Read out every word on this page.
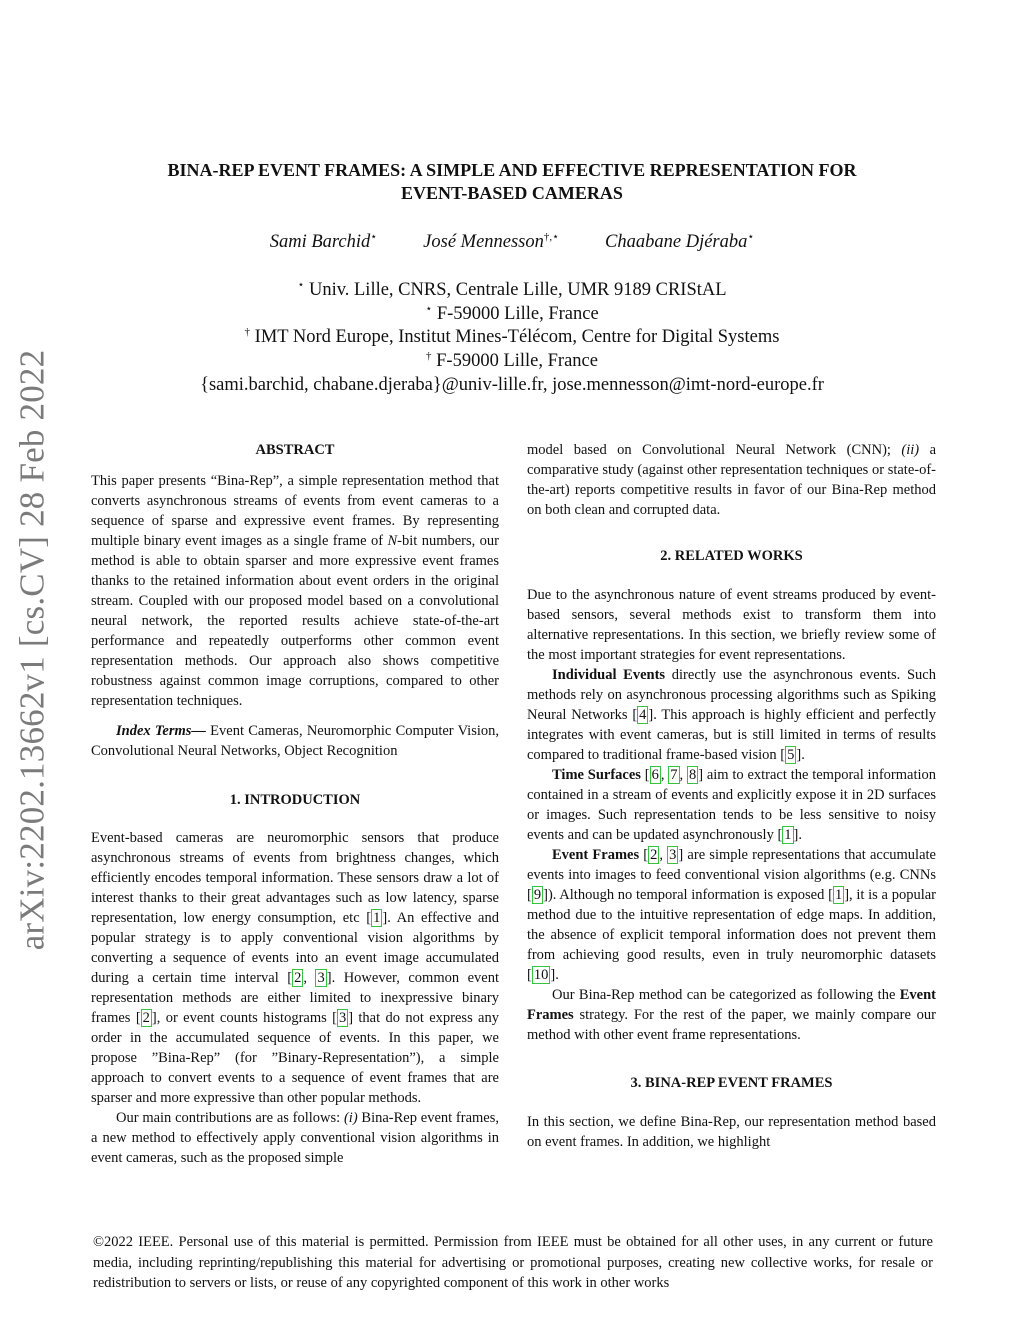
arXiv:2202.13662v1 [cs.CV] 28 Feb 2022
BINA-REP EVENT FRAMES: A SIMPLE AND EFFECTIVE REPRESENTATION FOR
EVENT-BASED CAMERAS
Sami Barchid⋆ José Mennesson†,⋆ Chaabane Djéraba⋆
⋆ Univ. Lille, CNRS, Centrale Lille, UMR 9189 CRIStAL
⋆ F-59000 Lille, France
† IMT Nord Europe, Institut Mines-Télécom, Centre for Digital Systems
† F-59000 Lille, France
{sami.barchid, chabane.djeraba}@univ-lille.fr, jose.mennesson@imt-nord-europe.fr

ABSTRACT

This paper presents “Bina-Rep”, a simple representation method that converts asynchronous streams of events from event cameras to a sequence of sparse and expressive event frames. By representing multiple binary event images as a single frame of N-bit numbers, our method is able to obtain sparser and more expressive event frames thanks to the retained information about event orders in the original stream. Coupled with our proposed model based on a convolutional neural network, the reported results achieve state-of-the-art performance and repeatedly outperforms other common event representation methods. Our approach also shows competitive robustness against common image corruptions, compared to other representation techniques.

Index Terms— Event Cameras, Neuromorphic Computer Vision, Convolutional Neural Networks, Object Recognition

1. INTRODUCTION

Event-based cameras are neuromorphic sensors that produce asynchronous streams of events from brightness changes, which efficiently encodes temporal information. These sensors draw a lot of interest thanks to their great advantages such as low latency, sparse representation, low energy consumption, etc [ 1 ]. An effective and popular strategy is to apply conventional vision algorithms by converting a sequence of events into an event image accumulated during a certain time interval [ 2 , 3 ]. However, common event representation methods are either limited to inexpressive binary frames [ 2 ], or event counts histograms [ 3 ] that do not express any order in the accumulated sequence of events. In this paper, we propose ”Bina-Rep” (for ”Binary-Representation”), a simple approach to convert events to a sequence of event frames that are sparser and more expressive than other popular methods.

Our main contributions are as follows: (i) Bina-Rep event frames, a new method to effectively apply conventional vision algorithms in event cameras, such as the proposed simple

model based on Convolutional Neural Network (CNN); (ii) a comparative study (against other representation techniques or state-of-the-art) reports competitive results in favor of our Bina-Rep method on both clean and corrupted data.

2. RELATED WORKS

Due to the asynchronous nature of event streams produced by event-based sensors, several methods exist to transform them into alternative representations. In this section, we briefly review some of the most important strategies for event representations.

Individual Events directly use the asynchronous events. Such methods rely on asynchronous processing algorithms such as Spiking Neural Networks [ 4 ]. This approach is highly efficient and perfectly integrates with event cameras, but is still limited in terms of results compared to traditional frame-based vision [ 5 ].

Time Surfaces [ 6 , 7 , 8 ] aim to extract the temporal information contained in a stream of events and explicitly expose it in 2D surfaces or images. Such representation tends to be less sensitive to noisy events and can be updated asynchronously [ 1 ].

Event Frames [ 2 , 3 ] are simple representations that accumulate events into images to feed conventional vision algorithms (e.g. CNNs [ 9 ]). Although no temporal information is exposed [ 1 ], it is a popular method due to the intuitive representation of edge maps. In addition, the absence of explicit temporal information does not prevent them from achieving good results, even in truly neuromorphic datasets [ 10 ].

Our Bina-Rep method can be categorized as following the Event Frames strategy. For the rest of the paper, we mainly compare our method with other event frame representations.

3. BINA-REP EVENT FRAMES

In this section, we define Bina-Rep, our representation method based on event frames. In addition, we highlight

©2022 IEEE. Personal use of this material is permitted. Permission from IEEE must be obtained for all other uses, in any current or future media, including reprinting/republishing this material for advertising or promotional purposes, creating new collective works, for resale or redistribution to servers or lists, or reuse of any copyrighted component of this work in other works
